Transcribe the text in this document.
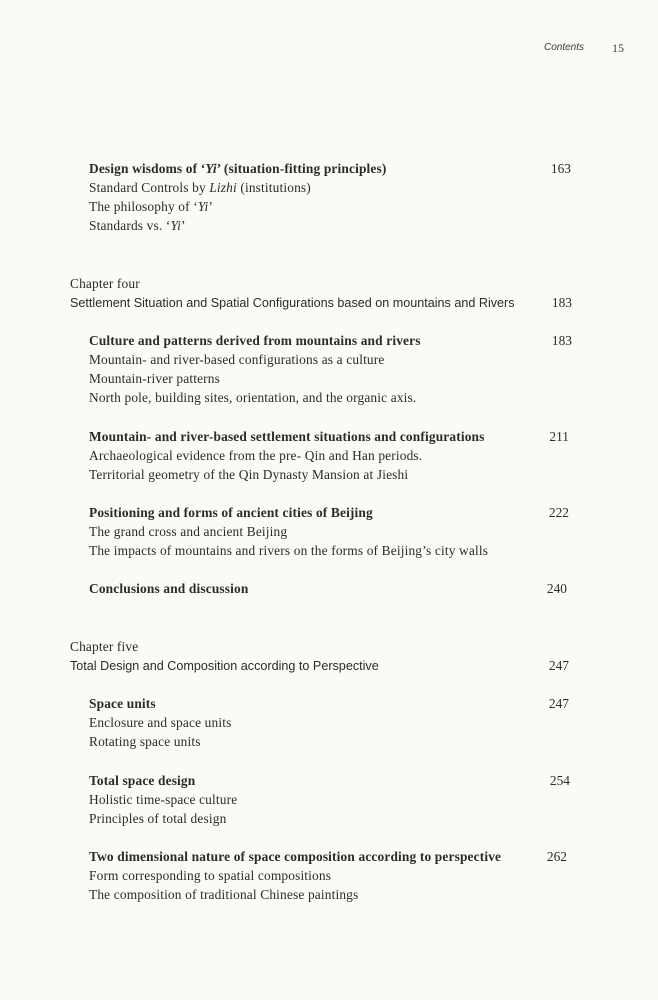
Contents 15
Design wisdoms of ‘Yi’ (situation-fitting principles)	163
Standard Controls by Lizhi (institutions)
The philosophy of ‘Yi’
Standards vs. ‘Yi’
Chapter four
Settlement Situation and Spatial Configurations based on mountains and Rivers	183
Culture and patterns derived from mountains and rivers	183
Mountain- and river-based configurations as a culture
Mountain-river patterns
North pole, building sites, orientation, and the organic axis.
Mountain- and river-based settlement situations and configurations	211
Archaeological evidence from the pre- Qin and Han periods.
Territorial geometry of the Qin Dynasty Mansion at Jieshi
Positioning and forms of ancient cities of Beijing	222
The grand cross and ancient Beijing
The impacts of mountains and rivers on the forms of Beijing’s city walls
Conclusions and discussion	240
Chapter five
Total Design and Composition according to Perspective	247
Space units	247
Enclosure and space units
Rotating space units
Total space design	254
Holistic time-space culture
Principles of total design
Two dimensional nature of space composition according to perspective	262
Form corresponding to spatial compositions
The composition of traditional Chinese paintings
